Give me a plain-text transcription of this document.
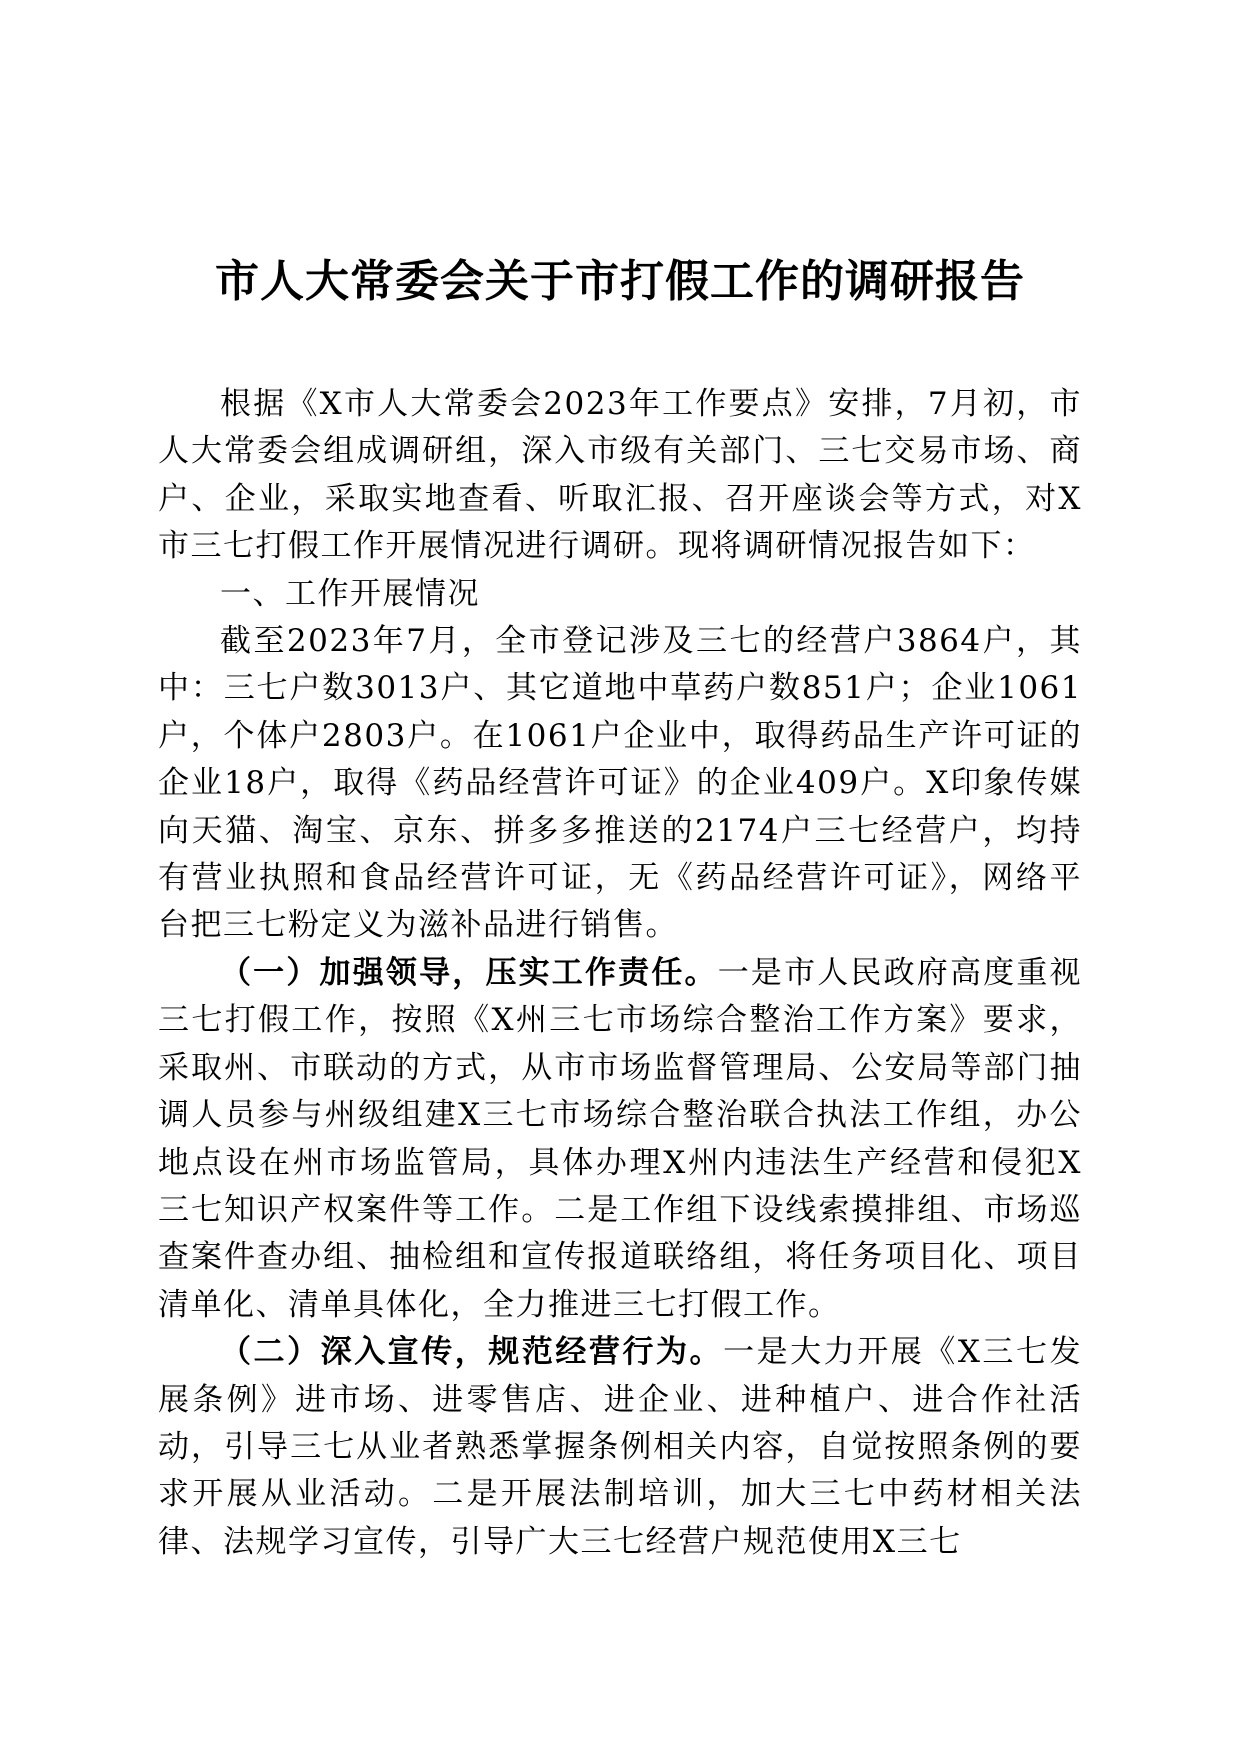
市人大常委会关于市打假工作的调研报告

根据《X市人大常委会2023年工作要点》安排，7月初，市人大常委会组成调研组，深入市级有关部门、三七交易市场、商户、企业，采取实地查看、听取汇报、召开座谈会等方式，对X市三七打假工作开展情况进行调研。现将调研情况报告如下：

一、工作开展情况

截至2023年7月，全市登记涉及三七的经营户3864户，其中：三七户数3013户、其它道地中草药户数851户；企业1061户，个体户2803户。在1061户企业中，取得药品生产许可证的企业18户，取得《药品经营许可证》的企业409户。X印象传媒向天猫、淘宝、京东、拼多多推送的2174户三七经营户，均持有营业执照和食品经营许可证，无《药品经营许可证》，网络平台把三七粉定义为滋补品进行销售。

（一）加强领导，压实工作责任。一是市人民政府高度重视三七打假工作，按照《X州三七市场综合整治工作方案》要求，采取州、市联动的方式，从市市场监督管理局、公安局等部门抽调人员参与州级组建X三七市场综合整治联合执法工作组，办公地点设在州市场监管局，具体办理X州内违法生产经营和侵犯X三七知识产权案件等工作。二是工作组下设线索摸排组、市场巡查案件查办组、抽检组和宣传报道联络组，将任务项目化、项目清单化、清单具体化，全力推进三七打假工作。

（二）深入宣传，规范经营行为。一是大力开展《X三七发展条例》进市场、进零售店、进企业、进种植户、进合作社活动，引导三七从业者熟悉掌握条例相关内容，自觉按照条例的要求开展从业活动。二是开展法制培训，加大三七中药材相关法律、法规学习宣传，引导广大三七经营户规范使用X三七
